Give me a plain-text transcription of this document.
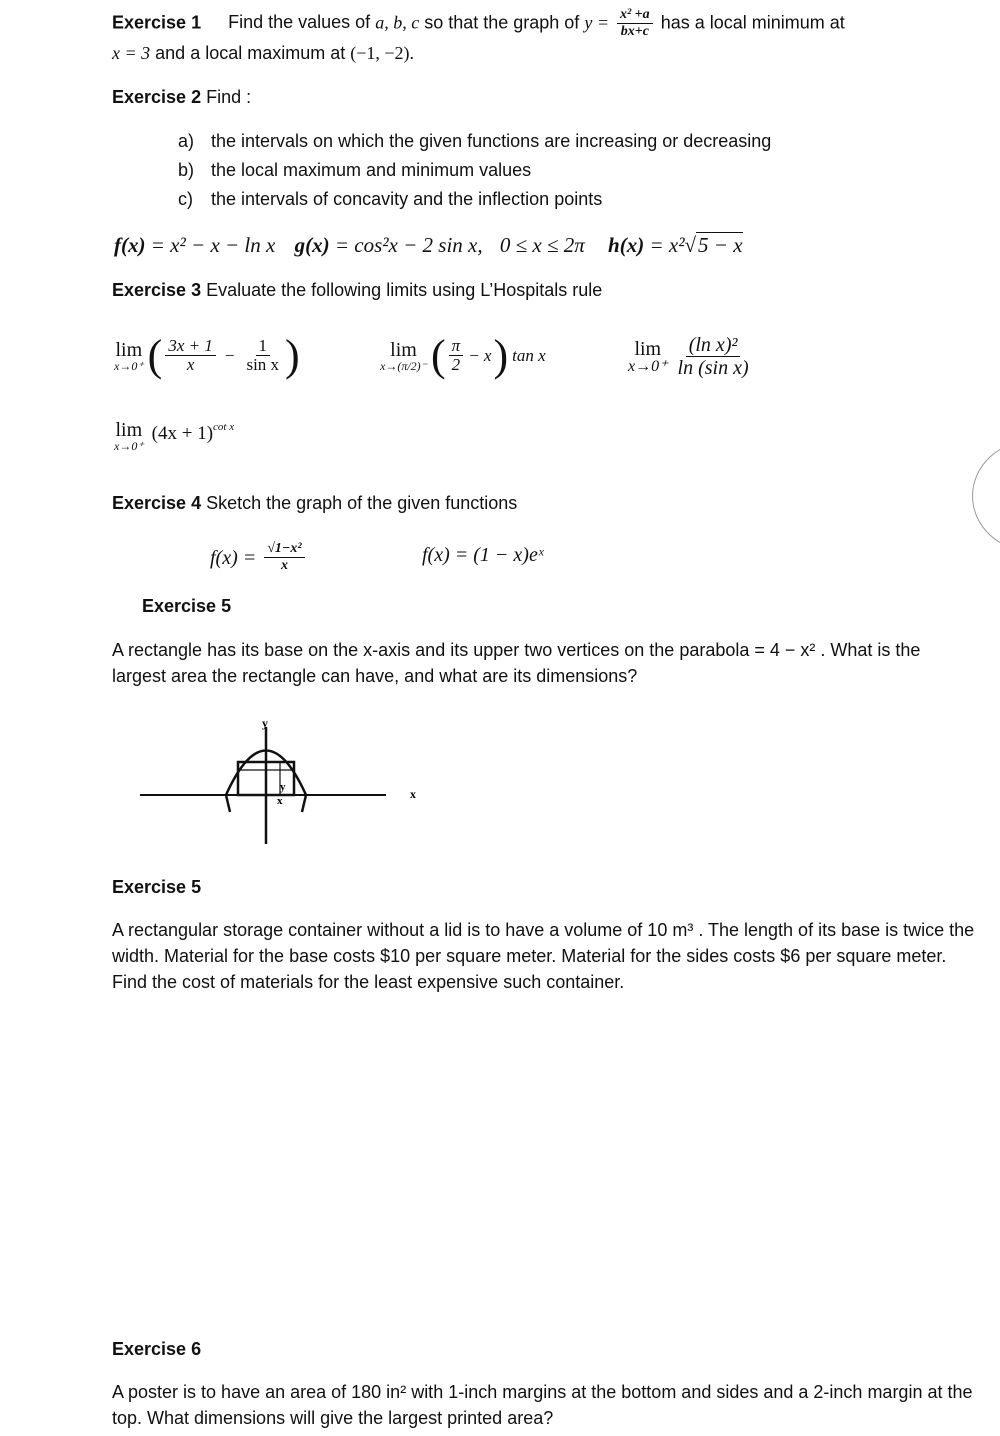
Exercise 1 Find the values of a, b, c so that the graph of $y = \frac{\text{x² +a}}{bx+c}$ has a local minimum at
x = 3 and a local maximum at (−1, −2).
Exercise 2 Find :
a) the intervals on which the given functions are increasing or decreasing
b) the local maximum and minimum values
c) the intervals of concavity and the inflection points
f(x) = x² − x − ln x g(x) = cos²x − 2 sin x, 0 ≤ x ≤ 2π h(x) = x²√5 − x
Exercise 3 Evaluate the following limits using L’Hospitals rule
lim
x→0⁺ ( $\frac{3x + 1}{x} - \frac{1}{\text{sin x}}$ )	lim
x→(π/2)⁻ ( $\frac{\pi}{2} - x$ ) tan x	lim
$x\to 0^+ \frac{\text{(ln x)²}}{\text{ln (sin x)}}$
lim
x→0⁺
(4x + 1) cot x
Exercise 4 Sketch the graph of the given functions
$f(x) = \frac{\text{√1−x²}}{x}$	f(x) = (1 − x)eˣ
Exercise 5
A rectangle has its base on the x-axis and its upper two vertices on the parabola = 4 − x² . What is the largest area the rectangle can have, and what are its dimensions?
y
x
y
x
Exercise 5
A rectangular storage container without a lid is to have a volume of 10 m³ . The length of its base is twice the width. Material for the base costs $10 per square meter. Material for the sides costs $6 per square meter. Find the cost of materials for the least expensive such container.
Exercise 6
A poster is to have an area of 180 in² with 1-inch margins at the bottom and sides and a 2-inch margin at the top. What dimensions will give the largest printed area?
